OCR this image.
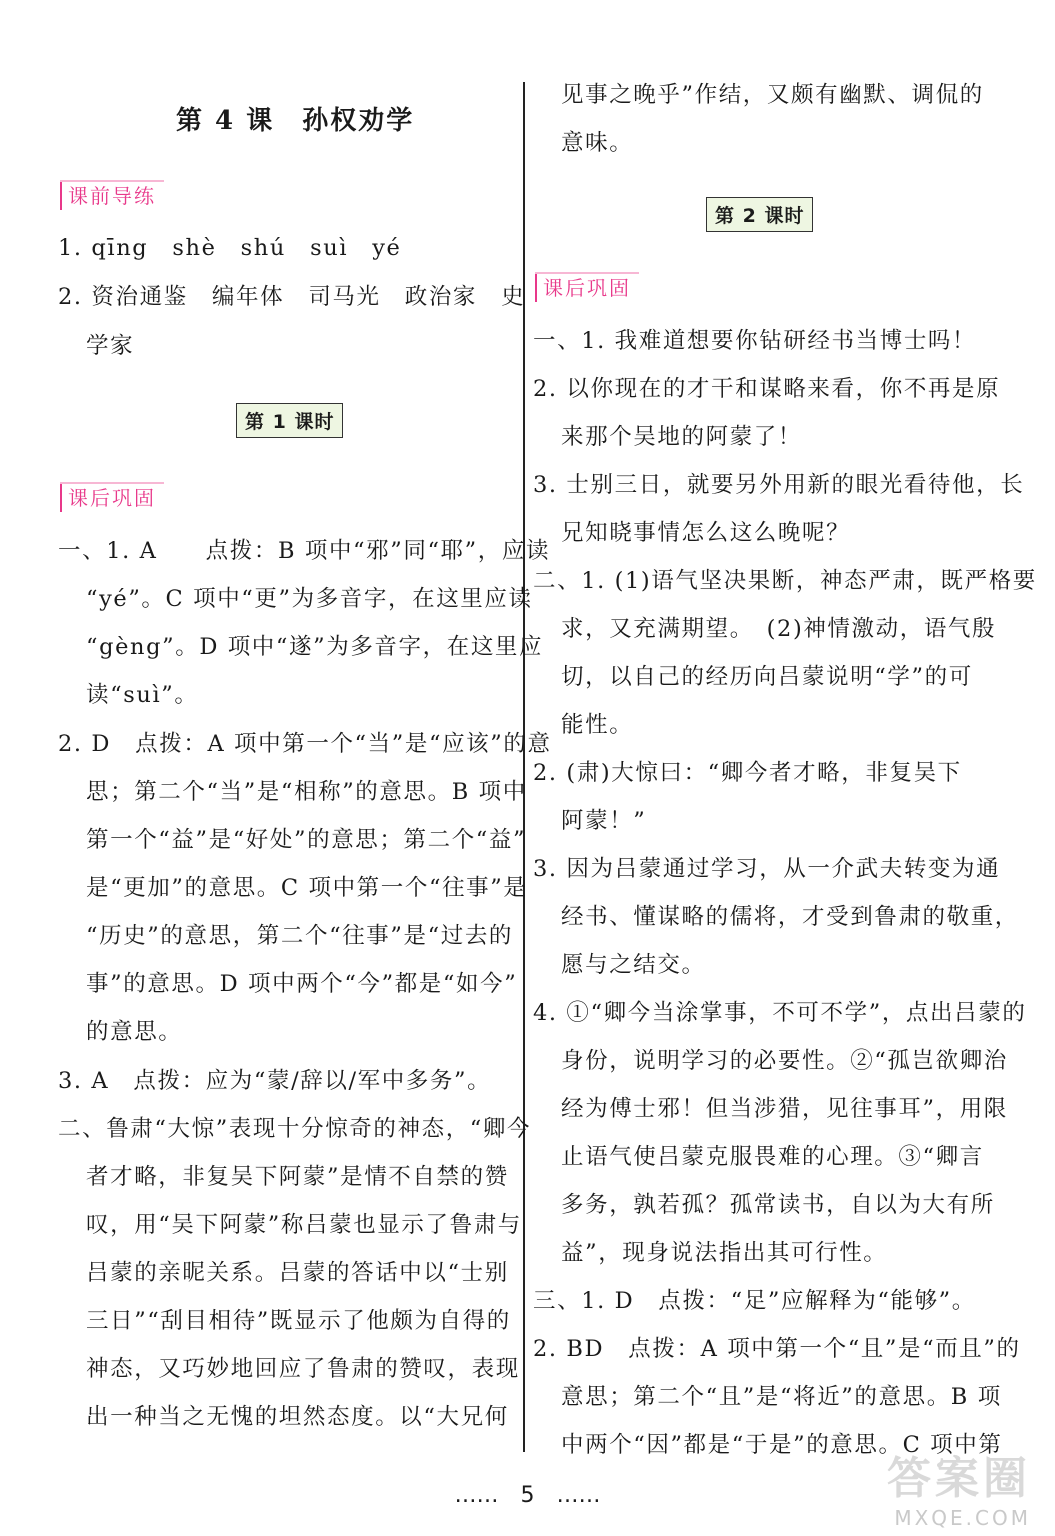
第 4 课　孙权劝学
课前导练
1. qīng　shè　shú　suì　yé
2. 资治通鉴　编年体　司马光　政治家　史
学家
第 1 课时
课后巩固
一、1. A　　点拨：B 项中“邪”同“耶”，应读
“yé”。C 项中“更”为多音字，在这里应读
“gèng”。D 项中“遂”为多音字，在这里应
读“suì”。
2. D　点拨：A 项中第一个“当”是“应该”的意
思；第二个“当”是“相称”的意思。B 项中
第一个“益”是“好处”的意思；第二个“益”
是“更加”的意思。C 项中第一个“往事”是
“历史”的意思，第二个“往事”是“过去的
事”的意思。D 项中两个“今”都是“如今”
的意思。
3. A　点拨：应为“蒙/辞以/军中多务”。
二、鲁肃“大惊”表现十分惊奇的神态，“卿今
者才略，非复吴下阿蒙”是情不自禁的赞
叹，用“吴下阿蒙”称吕蒙也显示了鲁肃与
吕蒙的亲昵关系。吕蒙的答话中以“士别
三日”“刮目相待”既显示了他颇为自得的
神态，又巧妙地回应了鲁肃的赞叹，表现
出一种当之无愧的坦然态度。以“大兄何
见事之晚乎”作结，又颇有幽默、调侃的
意味。
第 2 课时
课后巩固
一、1. 我难道想要你钻研经书当博士吗！
2. 以你现在的才干和谋略来看，你不再是原
来那个吴地的阿蒙了！
3. 士别三日，就要另外用新的眼光看待他，长
兄知晓事情怎么这么晚呢？
二、1. (1)语气坚决果断，神态严肃，既严格要
求，又充满期望。　(2)神情激动，语气殷
切，以自己的经历向吕蒙说明“学”的可
能性。
2. (肃)大惊曰：“卿今者才略，非复吴下
阿蒙！”
3. 因为吕蒙通过学习，从一介武夫转变为通
经书、懂谋略的儒将，才受到鲁肃的敬重，
愿与之结交。
4. ①“卿今当涂掌事，不可不学”，点出吕蒙的
身份，说明学习的必要性。②“孤岂欲卿治
经为傅士邪！但当涉猎，见往事耳”，用限
止语气使吕蒙克服畏难的心理。③“卿言
多务，孰若孤？孤常读书，自以为大有所
益”，现身说法指出其可行性。
三、1. D　点拨：“足”应解释为“能够”。
2. BD　点拨：A 项中第一个“且”是“而且”的
意思；第二个“且”是“将近”的意思。B 项
中两个“因”都是“于是”的意思。C 项中第
……　5　……	答案圈
MXQE.COM
